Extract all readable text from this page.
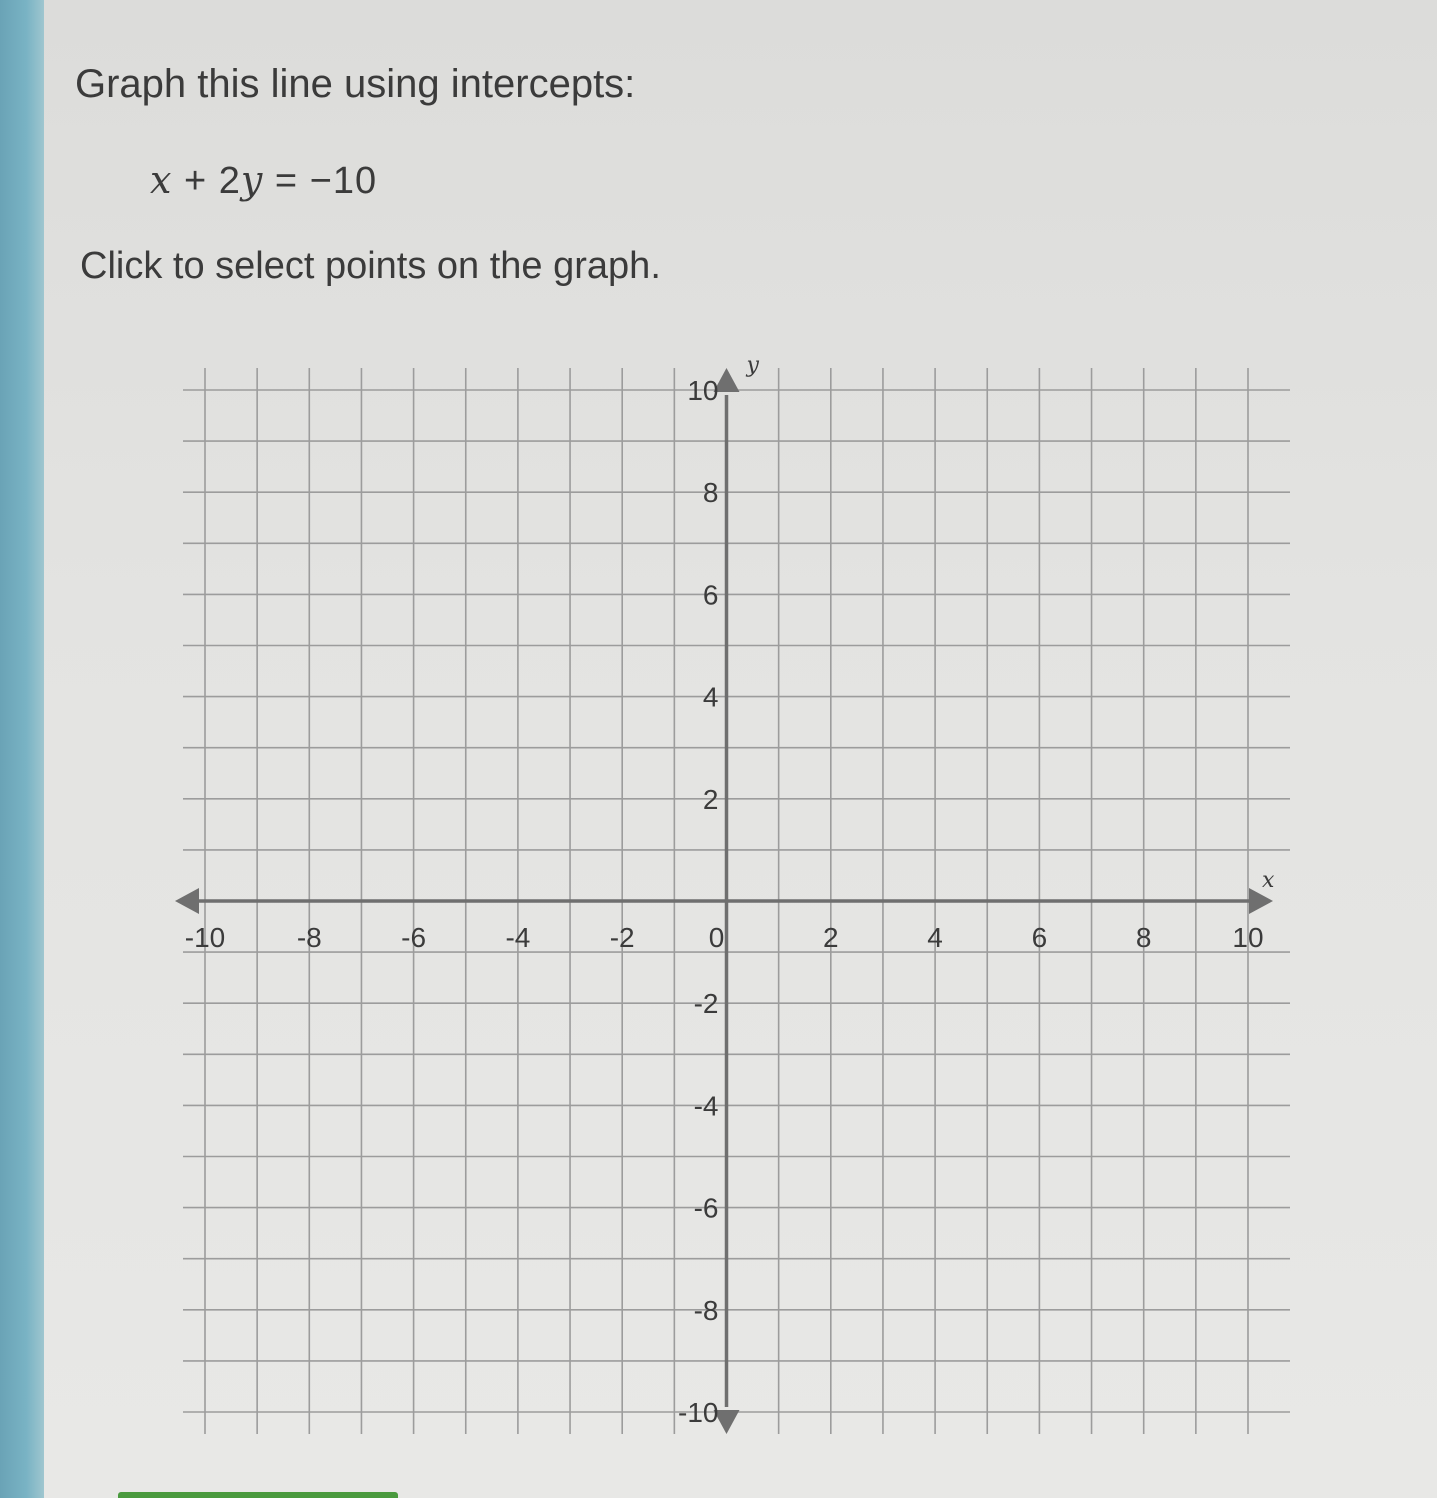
Graph this line using intercepts:
x + 2y = −10
Click to select points on the graph.
x
y
-10	-8	-6	-4	-2	0	2	4	6	8	10
10
8
6
4
2
-2
-4
-6
-8
-10
